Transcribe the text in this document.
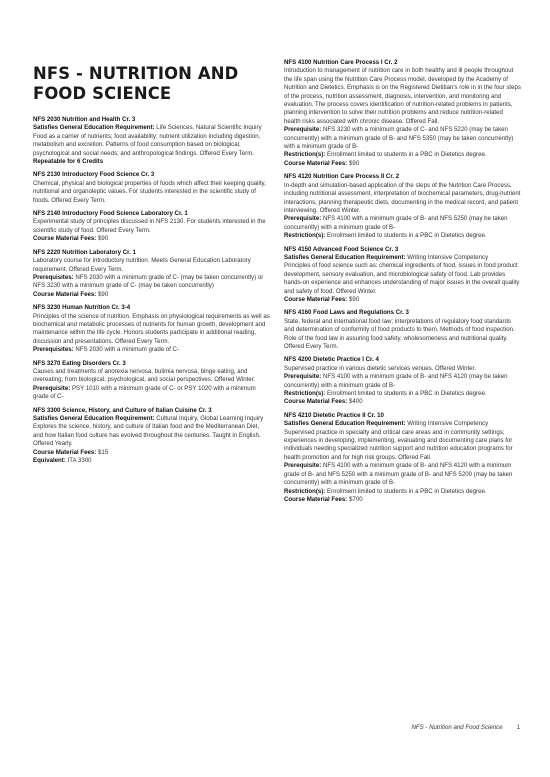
NFS - NUTRITION AND FOOD SCIENCE
NFS 2030 Nutrition and Health Cr. 3
Satisfies General Education Requirement: Life Sciences, Natural Scientific Inquiry
Food as a carrier of nutrients; food availability; nutrient utilization including digestion, metabolism and excretion. Patterns of food consumption based on biological, psychological and social needs; and anthropological findings. Offered Every Term.
Repeatable for 6 Credits
NFS 2130 Introductory Food Science Cr. 3
Chemical, physical and biological properties of foods which affect their keeping quality, nutritional and organoleptic values. For students interested in the scientific study of foods. Offered Every Term.
NFS 2140 Introductory Food Science Laboratory Cr. 1
Experimental study of principles discussed in NFS 2130. For students interested in the scientific study of food. Offered Every Term.
Course Material Fees: $90
NFS 2220 Nutrition Laboratory Cr. 1
Laboratory course for introductory nutrition. Meets General Education Laboratory requirement. Offered Every Term.
Prerequisites: NFS 2030 with a minimum grade of C- (may be taken concurrently) or NFS 3230 with a minimum grade of C- (may be taken concurrently)
Course Material Fees: $90
NFS 3230 Human Nutrition Cr. 3-4
Principles of the science of nutrition. Emphasis on physiological requirements as well as biochemical and metabolic processes of nutrients for human growth, development and maintenance within the life cycle. Honors students participate in additional reading, discussion and presentations. Offered Every Term.
Prerequisites: NFS 2030 with a minimum grade of C-
NFS 3270 Eating Disorders Cr. 3
Causes and treatments of anorexia nervosa, bulimia nervosa, binge eating, and overeating, from biological, psychological, and social perspectives. Offered Winter.
Prerequisite: PSY 1010 with a minimum grade of C- or PSY 1020 with a minimum grade of C-
NFS 3300 Science, History, and Culture of Italian Cuisine Cr. 3
Satisfies General Education Requirement: Cultural Inquiry, Global Learning Inquiry
Explores the science, history, and culture of Italian food and the Mediterranean Diet, and how Italian food culture has evolved throughout the centuries. Taught in English. Offered Yearly.
Course Material Fees: $15
Equivalent: ITA 3300
NFS 4100 Nutrition Care Process I Cr. 2
Introduction to management of nutrition care in both healthy and ill people throughout the life span using the Nutrition Care Process model, developed by the Academy of Nutrition and Dietetics. Emphasis is on the Registered Dietitian's role in in the four steps of the process, nutrition assessment, diagnosis, intervention, and monitoring and evaluation. The process covers identification of nutrition-related problems in patients, planning intervention to solve their nutrition problems and reduce nutrition-related health risks associated with chronic disease. Offered Fall.
Prerequisite: NFS 3230 with a minimum grade of C- and NFS 5220 (may be taken concurrently) with a minimum grade of B- and NFS 5350 (may be taken concurrently) with a minimum grade of B-
Restriction(s): Enrollment limited to students in a PBC in Dietetics degree.
Course Material Fees: $90
NFS 4120 Nutrition Care Process II Cr. 2
In-depth and simulation-based application of the steps of the Nutrition Care Process, including nutritional assessment, interpretation of biochemical parameters, drug-nutrient interactions, planning therapeutic diets, documenting in the medical record, and patient interviewing. Offered Winter.
Prerequisite: NFS 4100 with a minimum grade of B- and NFS 5250 (may be taken concurrently) with a minimum grade of B-
Restriction(s): Enrollment limited to students in a PBC in Dietetics degree.
NFS 4150 Advanced Food Science Cr. 3
Satisfies General Education Requirement: Writing Intensive Competency
Principles of food science such as: chemical ingredients of food, issues in food product development, sensory evaluation, and microbiological safety of food. Lab provides hands-on experience and enhances understanding of major issues in the overall quality and safety of food. Offered Winter.
Course Material Fees: $90
NFS 4160 Food Laws and Regulations Cr. 3
State, federal and international food law; interpretations of regulatory food standards and determination of conformity of food products to them. Methods of food inspection. Role of the food law in assuring food safety, wholesomeness and nutritional quality. Offered Every Term.
NFS 4200 Dietetic Practice I Cr. 4
Supervised practice in various dietetic services venues. Offered Winter.
Prerequisite: NFS 4100 with a minimum grade of B- and NFS 4120 (may be taken concurrently) with a minimum grade of B-
Restriction(s): Enrollment limited to students in a PBC in Dietetics degree.
Course Material Fees: $400
NFS 4210 Dietetic Practice II Cr. 10
Satisfies General Education Requirement: Writing Intensive Competency
Supervised practice in specialty and critical care areas and in community settings; experiences in developing, implementing, evaluating and documenting care plans for individuals needing specialized nutrition support and nutrition education programs for health promotion and for high risk groups. Offered Fall.
Prerequisite: NFS 4100 with a minimum grade of B- and NFS 4120 with a minimum grade of B- and NFS 5250 with a minimum grade of B- and NFS 5200 (may be taken concurrently) with a minimum grade of B-
Restriction(s): Enrollment limited to students in a PBC in Dietetics degree.
Course Material Fees: $700
NFS - Nutrition and Food Science 1
